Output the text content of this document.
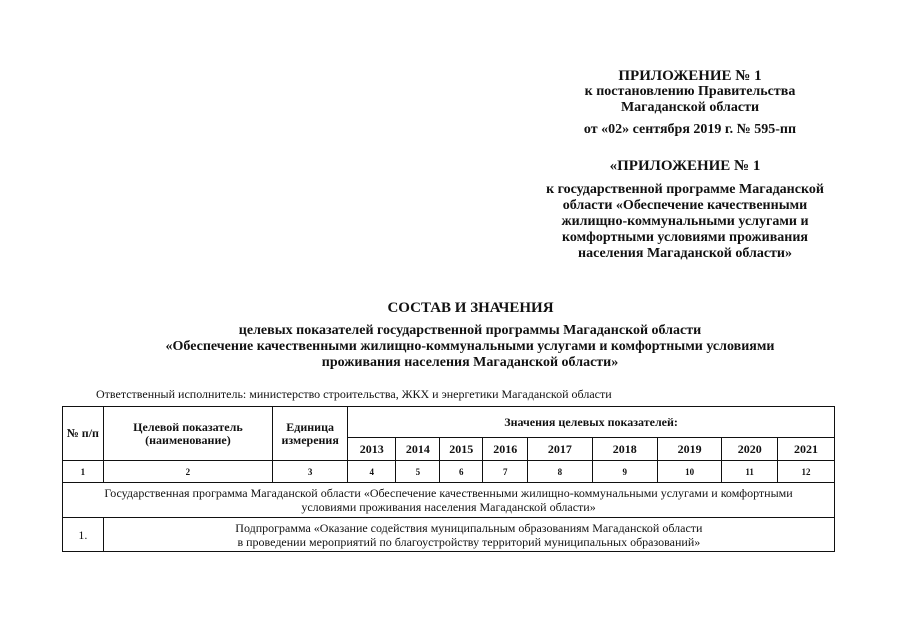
ПРИЛОЖЕНИЕ № 1
к постановлению Правительства
Магаданской области
от «02» сентября 2019 г. № 595-пп
«ПРИЛОЖЕНИЕ № 1
к государственной программе Магаданской
области «Обеспечение качественными
жилищно-коммунальными услугами и
комфортными условиями проживания
населения Магаданской области»
СОСТАВ И ЗНАЧЕНИЯ
целевых показателей государственной программы Магаданской области
«Обеспечение качественными жилищно-коммунальными услугами и комфортными условиями
проживания населения Магаданской области»
Ответственный исполнитель: министерство строительства, ЖКХ и энергетики Магаданской области
№ п/п	Целевой показатель (наименование)	Единица измерения	Значения целевых показателей:								
			2013	2014	2015	2016	2017	2018	2019	2020	2021
1	2	3	4	5	6	7	8	9	10	11	12

Государственная программа Магаданской области «Обеспечение качественными жилищно-коммунальными услугами и комфортными
условиями проживания населения Магаданской области»											

1.	Подпрограмма «Оказание содействия муниципальным образованиям Магаданской области
в проведении мероприятий по благоустройству территорий муниципальных образований»										
